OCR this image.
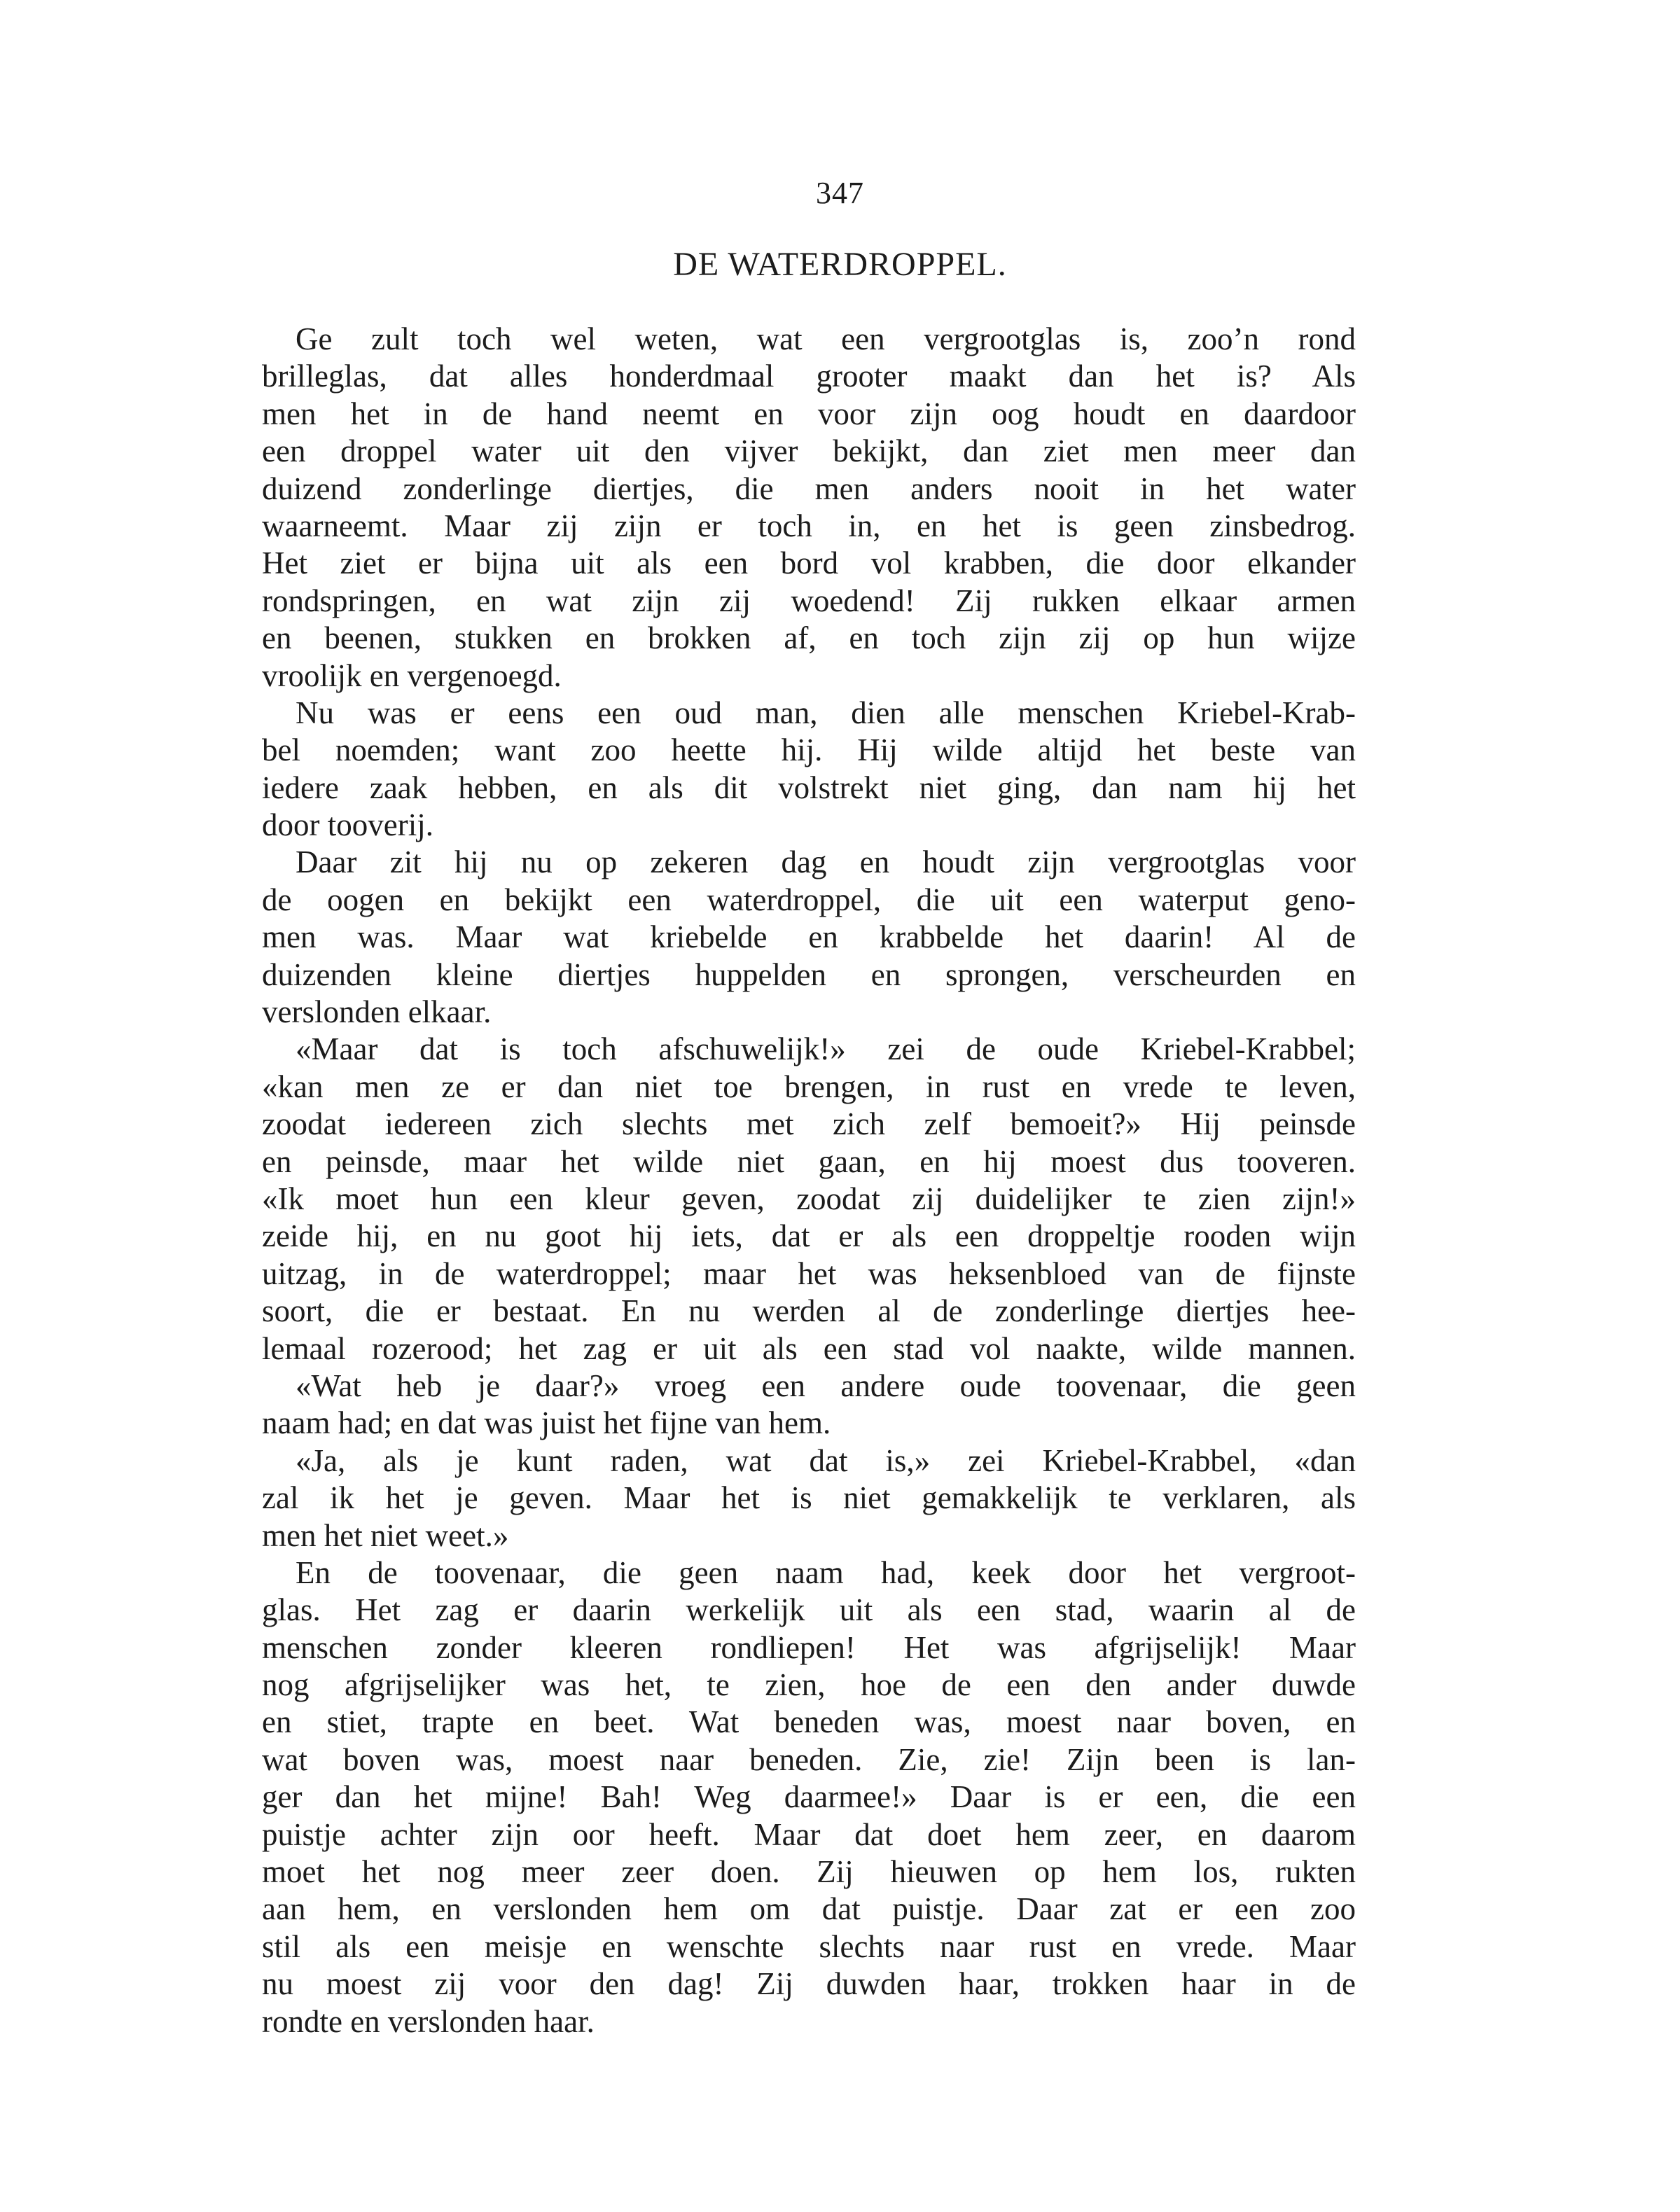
347
DE WATERDROPPEL.
Ge zult toch wel weten, wat een vergrootglas is, zoo’n rond
brilleglas, dat alles honderdmaal grooter maakt dan het is? Als
men het in de hand neemt en voor zijn oog houdt en daardoor
een droppel water uit den vijver bekijkt, dan ziet men meer dan
duizend zonderlinge diertjes, die men anders nooit in het water
waarneemt. Maar zij zijn er toch in, en het is geen zinsbedrog.
Het ziet er bijna uit als een bord vol krabben, die door elkander
rondspringen, en wat zijn zij woedend! Zij rukken elkaar armen
en beenen, stukken en brokken af, en toch zijn zij op hun wijze
vroolijk en vergenoegd.
Nu was er eens een oud man, dien alle menschen Kriebel-Krab-
bel noemden; want zoo heette hij. Hij wilde altijd het beste van
iedere zaak hebben, en als dit volstrekt niet ging, dan nam hij het
door tooverij.
Daar zit hij nu op zekeren dag en houdt zijn vergrootglas voor
de oogen en bekijkt een waterdroppel, die uit een waterput geno-
men was. Maar wat kriebelde en krabbelde het daarin! Al de
duizenden kleine diertjes huppelden en sprongen, verscheurden en
verslonden elkaar.
«Maar dat is toch afschuwelijk!» zei de oude Kriebel-Krabbel;
«kan men ze er dan niet toe brengen, in rust en vrede te leven,
zoodat iedereen zich slechts met zich zelf bemoeit?» Hij peinsde
en peinsde, maar het wilde niet gaan, en hij moest dus tooveren.
«Ik moet hun een kleur geven, zoodat zij duidelijker te zien zijn!»
zeide hij, en nu goot hij iets, dat er als een droppeltje rooden wijn
uitzag, in de waterdroppel; maar het was heksenbloed van de fijnste
soort, die er bestaat. En nu werden al de zonderlinge diertjes hee-
lemaal rozerood; het zag er uit als een stad vol naakte, wilde mannen.
«Wat heb je daar?» vroeg een andere oude toovenaar, die geen
naam had; en dat was juist het fijne van hem.
«Ja, als je kunt raden, wat dat is,» zei Kriebel-Krabbel, «dan
zal ik het je geven. Maar het is niet gemakkelijk te verklaren, als
men het niet weet.»
En de toovenaar, die geen naam had, keek door het vergroot-
glas. Het zag er daarin werkelijk uit als een stad, waarin al de
menschen zonder kleeren rondliepen! Het was afgrijselijk! Maar
nog afgrijselijker was het, te zien, hoe de een den ander duwde
en stiet, trapte en beet. Wat beneden was, moest naar boven, en
wat boven was, moest naar beneden. Zie, zie! Zijn been is lan-
ger dan het mijne! Bah! Weg daarmee!» Daar is er een, die een
puistje achter zijn oor heeft. Maar dat doet hem zeer, en daarom
moet het nog meer zeer doen. Zij hieuwen op hem los, rukten
aan hem, en verslonden hem om dat puistje. Daar zat er een zoo
stil als een meisje en wenschte slechts naar rust en vrede. Maar
nu moest zij voor den dag! Zij duwden haar, trokken haar in de
rondte en verslonden haar.
